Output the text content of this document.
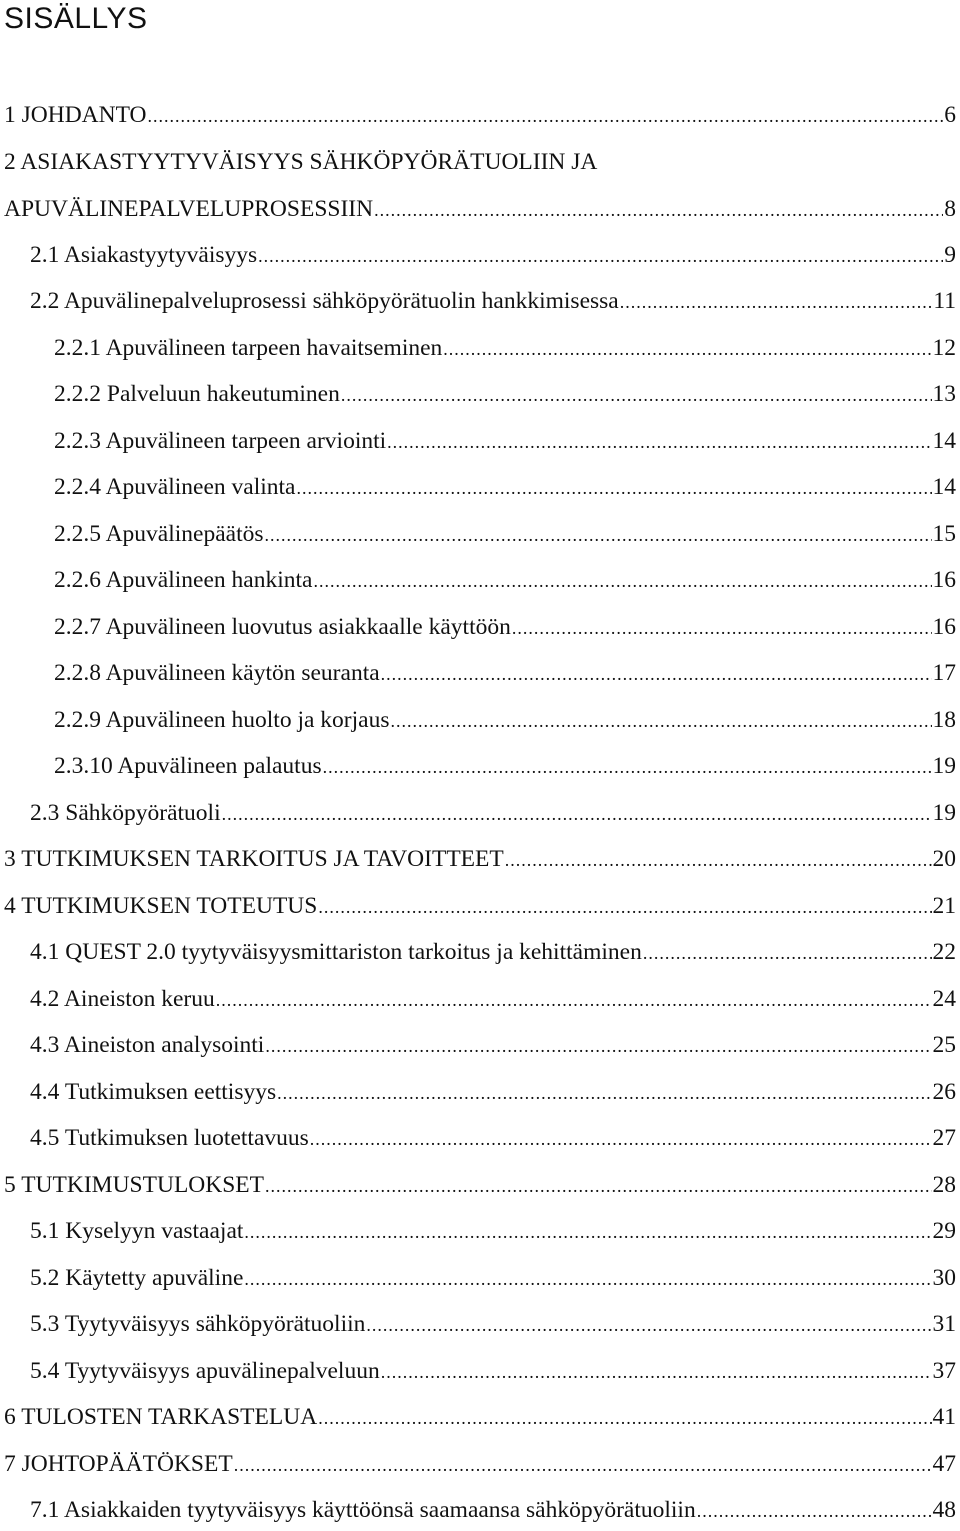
SISÄLLYS
1 JOHDANTO .....	6
2 ASIAKASTYYTYVÄISYYS SÄHKÖPYÖRÄTUOLIIN JA
APUVÄLINEPALVELUPROSESSIIN .....	8
2.1 Asiakastyytyväisyys .....	9
2.2 Apuvälinepalveluprosessi sähköpyörätuolin hankkimisessa .....	11
2.2.1 Apuvälineen tarpeen havaitseminen .....	12
2.2.2 Palveluun hakeutuminen .....	13
2.2.3 Apuvälineen tarpeen arviointi .....	14
2.2.4 Apuvälineen valinta .....	14
2.2.5 Apuvälinepäätös .....	15
2.2.6 Apuvälineen hankinta .....	16
2.2.7 Apuvälineen luovutus asiakkaalle käyttöön .....	16
2.2.8 Apuvälineen käytön seuranta .....	17
2.2.9 Apuvälineen huolto ja korjaus .....	18
2.3.10 Apuvälineen palautus .....	19
2.3 Sähköpyörätuoli .....	19
3 TUTKIMUKSEN TARKOITUS JA TAVOITTEET .....	20
4 TUTKIMUKSEN TOTEUTUS .....	21
4.1 QUEST 2.0 tyytyväisyysmittariston tarkoitus ja kehittäminen .....	22
4.2 Aineiston keruu .....	24
4.3 Aineiston analysointi .....	25
4.4 Tutkimuksen eettisyys .....	26
4.5 Tutkimuksen luotettavuus .....	27
5 TUTKIMUSTULOKSET .....	28
5.1 Kyselyyn vastaajat .....	29
5.2 Käytetty apuväline .....	30
5.3 Tyytyväisyys sähköpyörätuoliin .....	31
5.4 Tyytyväisyys apuvälinepalveluun .....	37
6 TULOSTEN TARKASTELUA .....	41
7 JOHTOPÄÄTÖKSET .....	47
7.1 Asiakkaiden tyytyväisyys käyttöönsä saamaansa sähköpyörätuoliin .....	48
